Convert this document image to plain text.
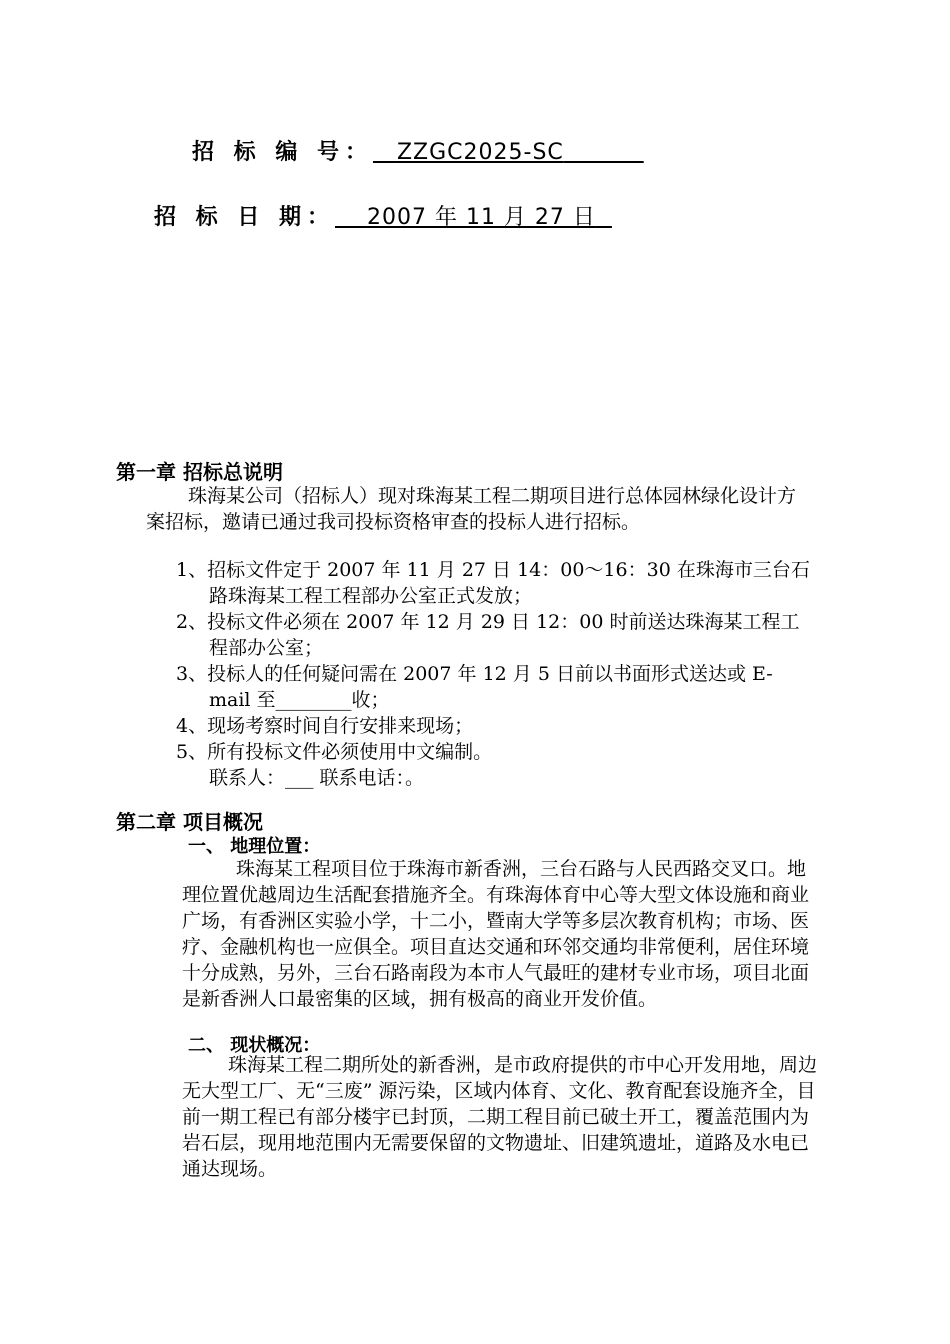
招 标 编 号： ZZGC2025-SC
招 标 日 期： 2007 年 11 月 27 日
第一章 招标总说明
珠海某公司（招标人）现对珠海某工程二期项目进行总体园林绿化设计方案招标，邀请已通过我司投标资格审查的投标人进行招标。
1、招标文件定于 2007 年 11 月 27 日 14：00～16：30 在珠海市三台石路珠海某工程工程部办公室正式发放；
2、投标文件必须在 2007 年 12 月 29 日 12：00 时前送达珠海某工程工程部办公室；
3、投标人的任何疑问需在 2007 年 12 月 5 日前以书面形式送达或 E-mail 至________收；
4、现场考察时间自行安排来现场；
5、所有投标文件必须使用中文编制。
联系人：___ 联系电话：。
第二章 项目概况
一、 地理位置：
珠海某工程项目位于珠海市新香洲，三台石路与人民西路交叉口。地理位置优越周边生活配套措施齐全。有珠海体育中心等大型文体设施和商业广场，有香洲区实验小学，十二小，暨南大学等多层次教育机构；市场、医疗、金融机构也一应俱全。项目直达交通和环邻交通均非常便利，居住环境十分成熟，另外，三台石路南段为本市人气最旺的建材专业市场，项目北面是新香洲人口最密集的区域，拥有极高的商业开发价值。
二、 现状概况：
珠海某工程二期所处的新香洲，是市政府提供的市中心开发用地，周边无大型工厂、无“三废” 源污染，区域内体育、文化、教育配套设施齐全，目前一期工程已有部分楼宇已封顶，二期工程目前已破土开工，覆盖范围内为岩石层，现用地范围内无需要保留的文物遗址、旧建筑遗址，道路及水电已通达现场。
